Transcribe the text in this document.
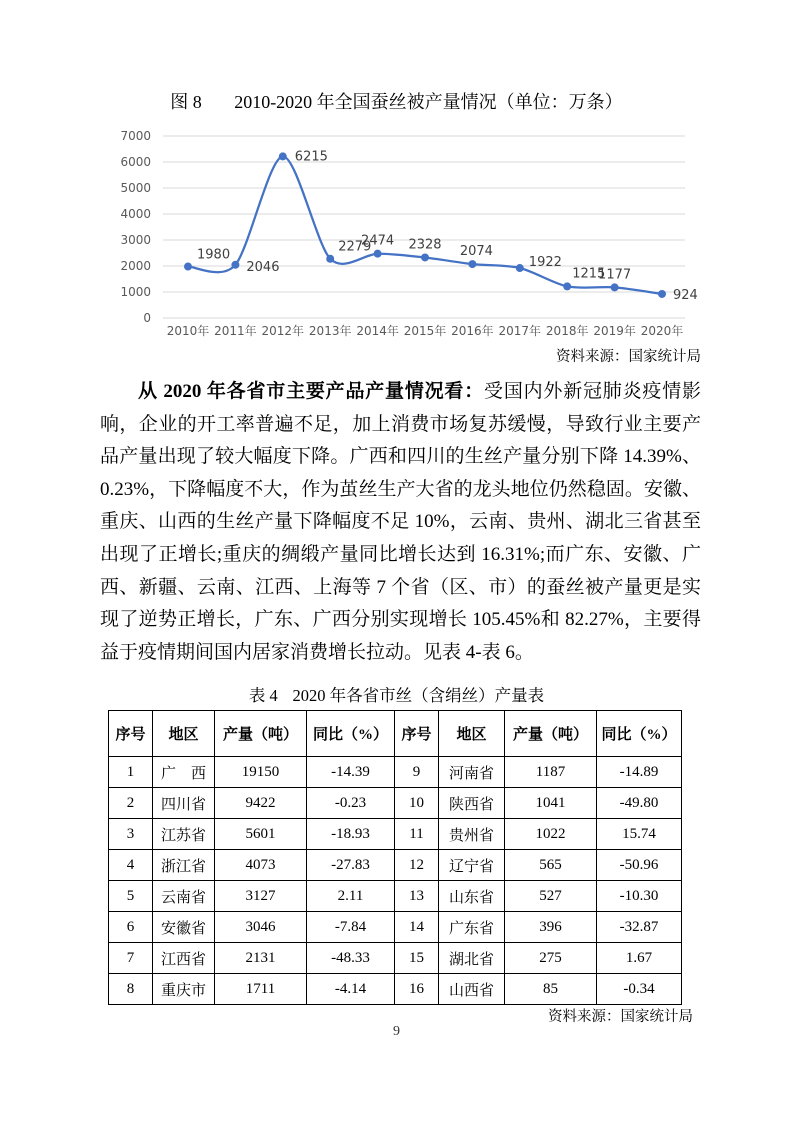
图 8 2010-2020 年全国蚕丝被产量情况（单位：万条）
0
1000
2000
3000
4000
5000
6000
7000
2010年 2011年 2012年 2013年 2014年 2015年 2016年 2017年 2018年 2019年 2020年
1980
2046
6215
2279
2474 2328 2074
1922
1215
1177
924
资料来源：国家统计局

从 2020 年各省市主要产品产量情况看：受国内外新冠肺炎疫情影响，企业的开工率普遍不足，加上消费市场复苏缓慢，导致行业主要产品产量出现了较大幅度下降。广西和四川的生丝产量分别下降 14.39%、0.23%，下降幅度不大，作为茧丝生产大省的龙头地位仍然稳固。安徽、重庆、山西的生丝产量下降幅度不足 10%，云南、贵州、湖北三省甚至出现了正增长;重庆的绸缎产量同比增长达到 16.31%;而广东、安徽、广西、新疆、云南、江西、上海等 7 个省（区、市）的蚕丝被产量更是实现了逆势正增长，广东、广西分别实现增长 105.45%和 82.27%，主要得益于疫情期间国内居家消费增长拉动。见表 4-表 6。

表 4 2020 年各省市丝（含绢丝）产量表
序号	地区	产量（吨）	同比（%）	序号	地区	产量（吨）	同比（%）
1	广　西	19150	-14.39	9	河南省	1187	-14.89
2	四川省	9422	-0.23	10	陕西省	1041	-49.80
3	江苏省	5601	-18.93	11	贵州省	1022	15.74
4	浙江省	4073	-27.83	12	辽宁省	565	-50.96
5	云南省	3127	2.11	13	山东省	527	-10.30
6	安徽省	3046	-7.84	14	广东省	396	-32.87
7	江西省	2131	-48.33	15	湖北省	275	1.67
8	重庆市	1711	-4.14	16	山西省	85	-0.34
资料来源：国家统计局
9
